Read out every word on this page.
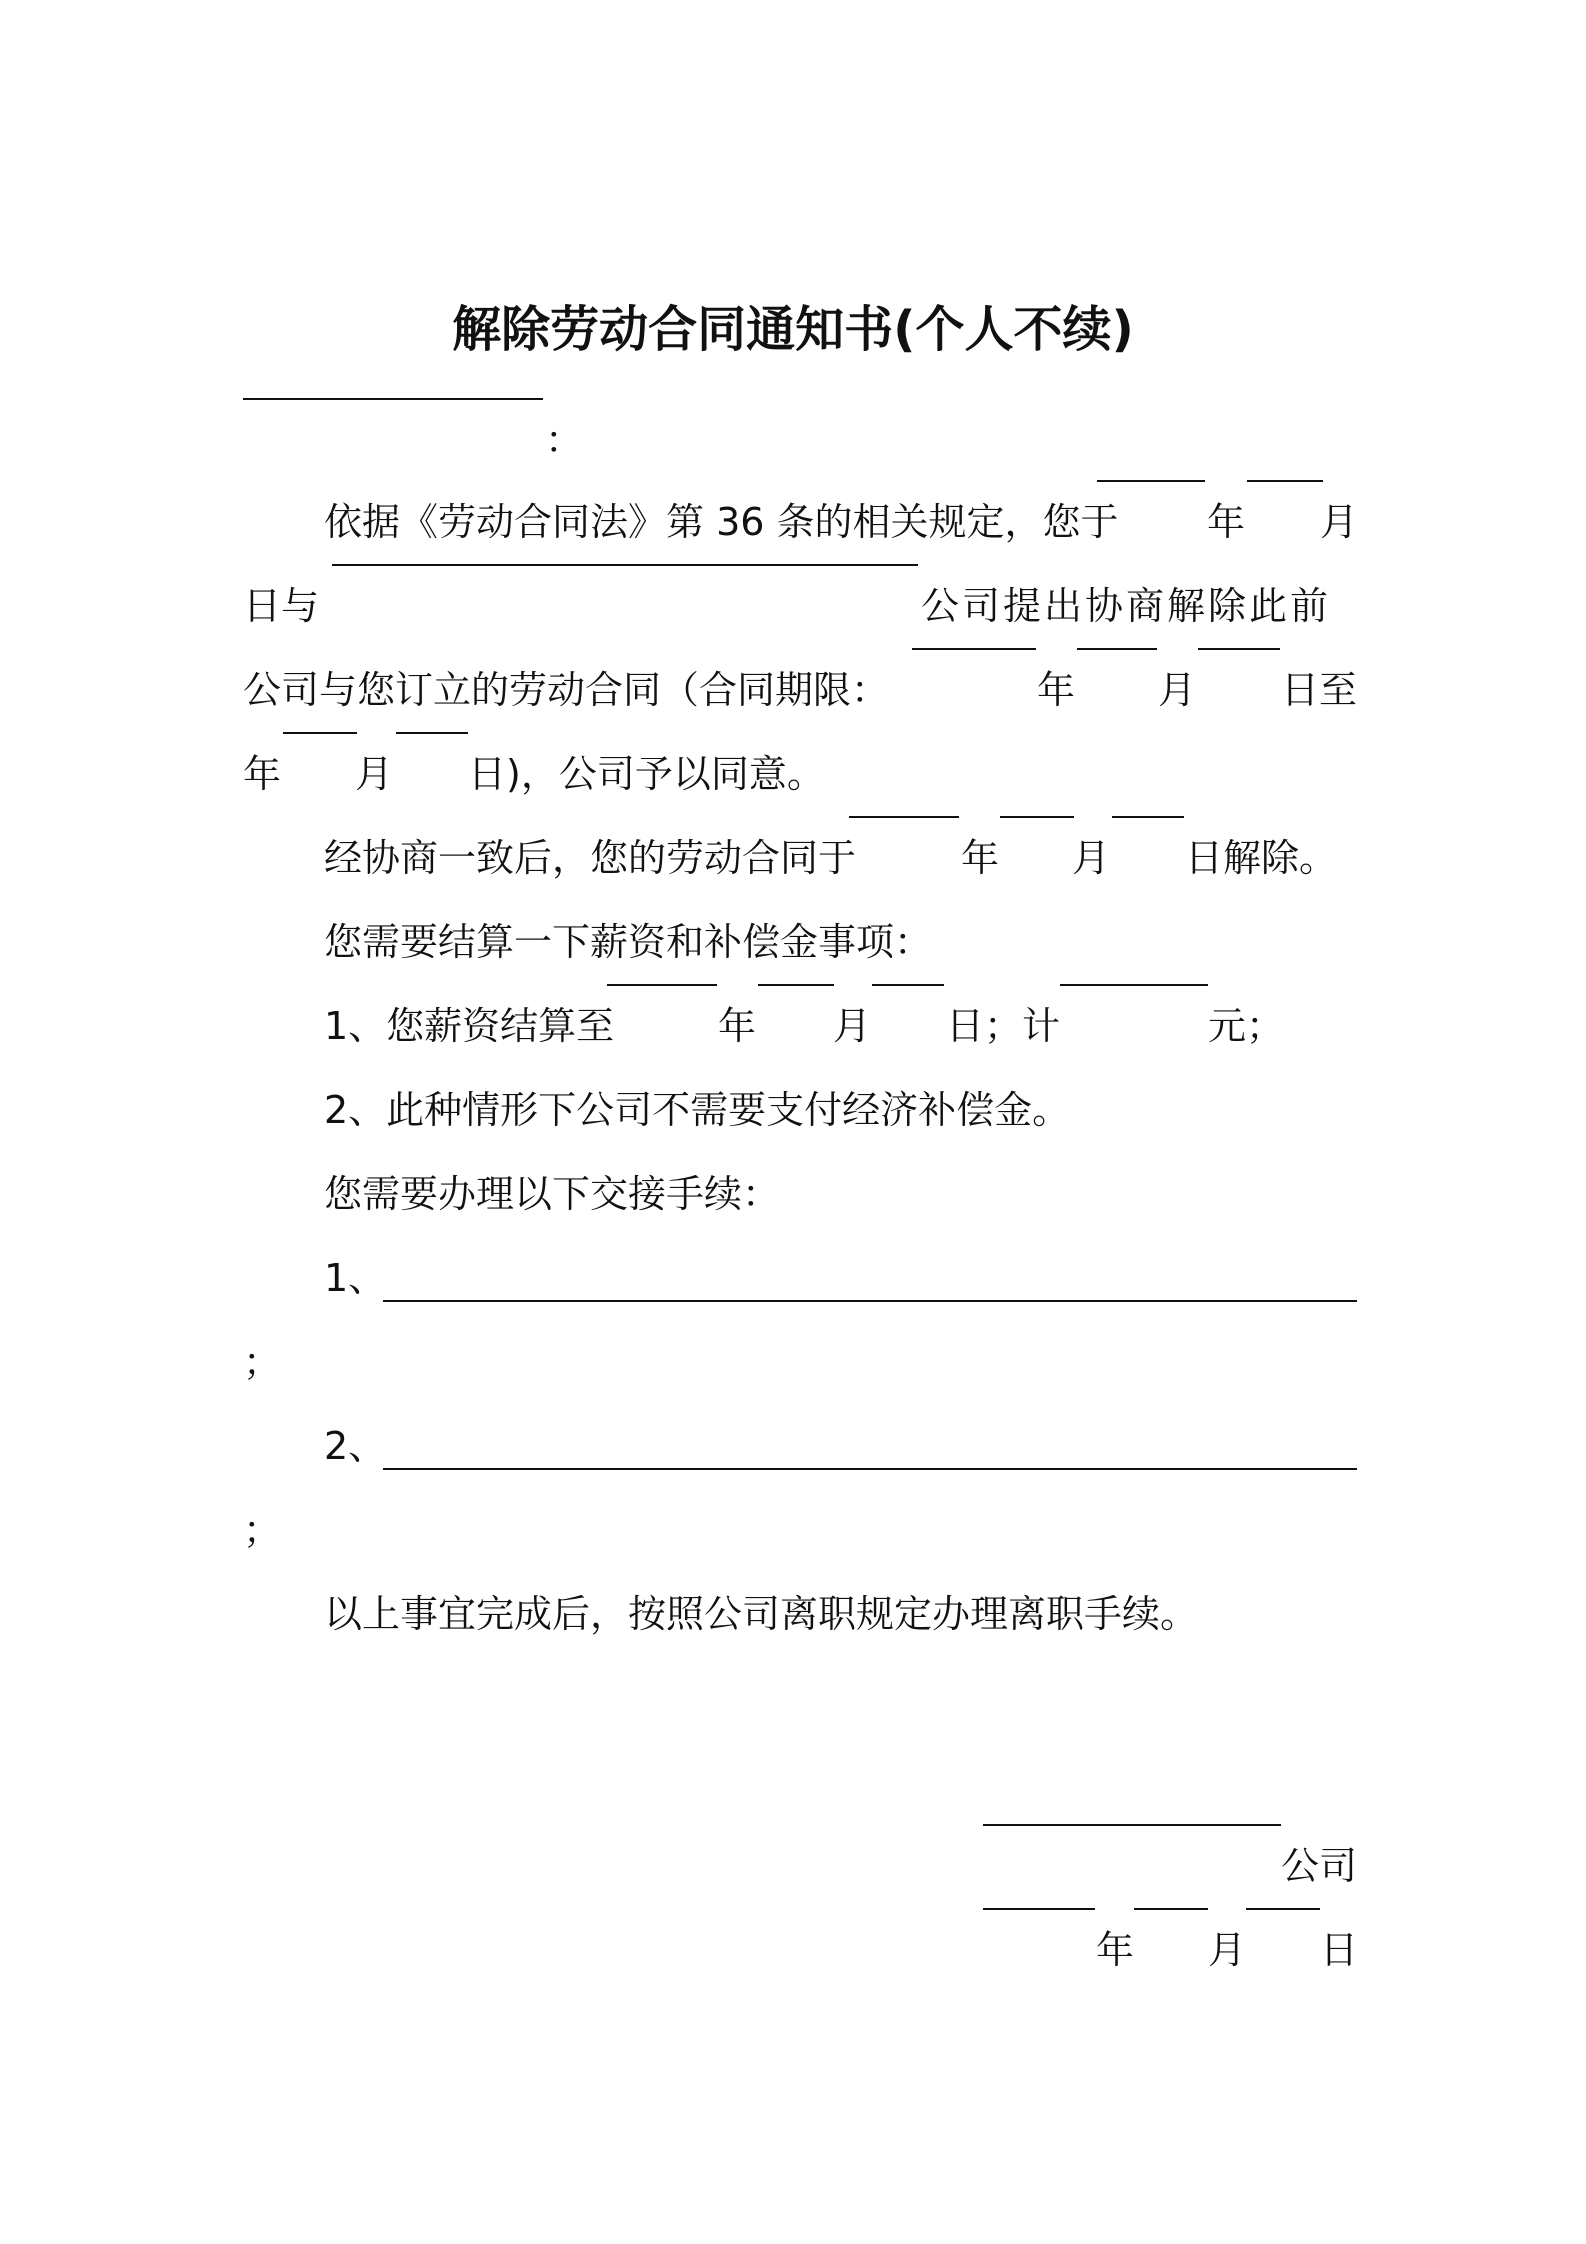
解除劳动合同通知书(个人不续)
：
依据《劳动合同法》第 36 条的相关规定，您于 年 月
日与	公司提出协商解除此前
公司与您订立的劳动合同（合同期限：	年 月 日至
年 月 日)，公司予以同意。
经协商一致后，您的劳动合同于	年 月 日解除。
您需要结算一下薪资和补偿金事项：
1、您薪资结算至	年 月 日；计	元；
2、此种情形下公司不需要支付经济补偿金。
您需要办理以下交接手续：
1、
；
2、
；
以上事宜完成后，按照公司离职规定办理离职手续。
公司
年 月 日
